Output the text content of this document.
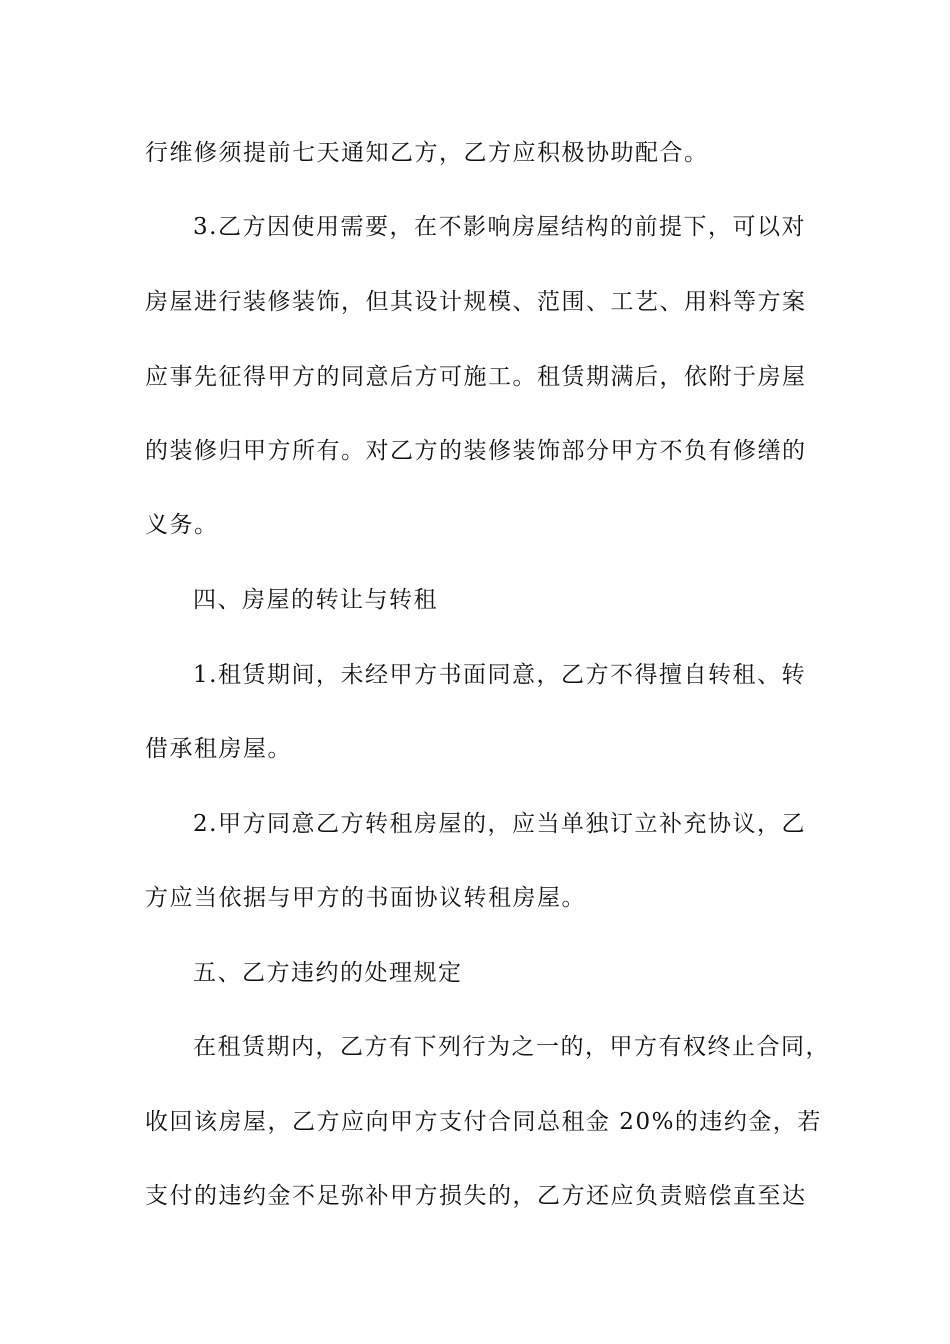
行维修须提前七天通知乙方，乙方应积极协助配合。
3.乙方因使用需要，在不影响房屋结构的前提下，可以对
房屋进行装修装饰，但其设计规模、范围、工艺、用料等方案
应事先征得甲方的同意后方可施工。租赁期满后，依附于房屋
的装修归甲方所有。对乙方的装修装饰部分甲方不负有修缮的
义务。
四、房屋的转让与转租
1.租赁期间，未经甲方书面同意，乙方不得擅自转租、转
借承租房屋。
2.甲方同意乙方转租房屋的，应当单独订立补充协议，乙
方应当依据与甲方的书面协议转租房屋。
五、乙方违约的处理规定
在租赁期内，乙方有下列行为之一的，甲方有权终止合同，
收回该房屋，乙方应向甲方支付合同总租金 20%的违约金，若
支付的违约金不足弥补甲方损失的，乙方还应负责赔偿直至达
